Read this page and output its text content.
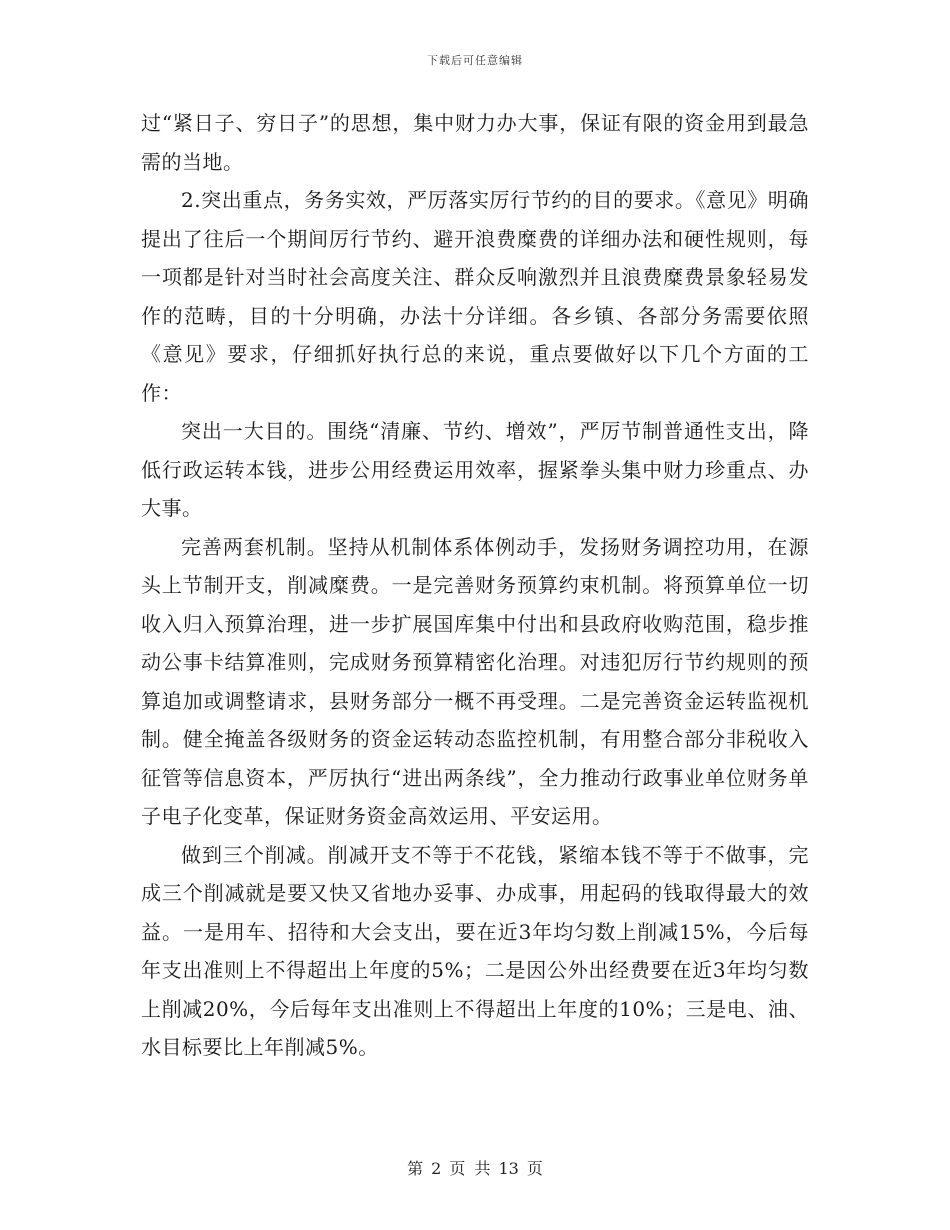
下载后可任意编辑

过“紧日子、穷日子”的思想，集中财力办大事，保证有限的资金用到最急需的当地。

2.突出重点，务务实效，严厉落实厉行节约的目的要求。《意见》明确提出了往后一个期间厉行节约、避开浪费糜费的详细办法和硬性规则，每一项都是针对当时社会高度关注、群众反响激烈并且浪费糜费景象轻易发作的范畴，目的十分明确，办法十分详细。各乡镇、各部分务需要依照《意见》要求，仔细抓好执行总的来说，重点要做好以下几个方面的工作：

突出一大目的。围绕“清廉、节约、增效”，严厉节制普通性支出，降低行政运转本钱，进步公用经费运用效率，握紧拳头集中财力珍重点、办大事。

完善两套机制。坚持从机制体系体例动手，发扬财务调控功用，在源头上节制开支，削减糜费。一是完善财务预算约束机制。将预算单位一切收入归入预算治理，进一步扩展国库集中付出和县政府收购范围，稳步推动公事卡结算准则，完成财务预算精密化治理。对违犯厉行节约规则的预算追加或调整请求，县财务部分一概不再受理。二是完善资金运转监视机制。健全掩盖各级财务的资金运转动态监控机制，有用整合部分非税收入征管等信息资本，严厉执行“进出两条线”，全力推动行政事业单位财务单子电子化变革，保证财务资金高效运用、平安运用。

做到三个削减。削减开支不等于不花钱，紧缩本钱不等于不做事，完成三个削减就是要又快又省地办妥事、办成事，用起码的钱取得最大的效益。一是用车、招待和大会支出，要在近3年均匀数上削减15%，今后每年支出准则上不得超出上年度的5%；二是因公外出经费要在近3年均匀数上削减20%，今后每年支出准则上不得超出上年度的10%；三是电、油、水目标要比上年削减5%。

第 2 页 共 13 页
